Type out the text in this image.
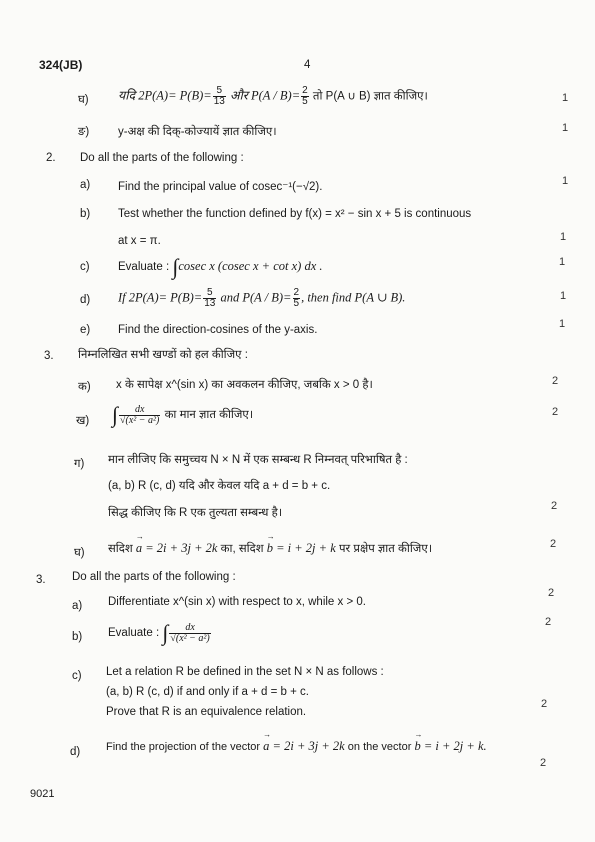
324(JB)	4
घ) यदि $2P(A)= P(B)= \frac{5}{13}$ और $P(A / B)= \frac{2}{5}$ तो P(A ∪ B) ज्ञात कीजिए।	1
ङ)	y-अक्ष की दिक्-कोज्यायें ज्ञात कीजिए।	1
2. Do all the parts of the following :
a) Find the principal value of cosec⁻¹(−√2).	1
b) Test whether the function defined by f(x) = x² − sin x + 5 is continuous
at x = π.	1
c) Evaluate : ∫cosec x (cosec x + cot x) dx .	1
d) If $2P(A)= P(B)= \frac{5}{13}$ and $P(A / B)= \frac{2}{5}$ , then find P(A ∪ B).	1
e) Find the direction-cosines of the y-axis.	1
3. निम्नलिखित सभी खण्डों को हल कीजिए :
क) x के सापेक्ष x^(sin x) का अवकलन कीजिए, जबकि x > 0 है।	2
ख) ∫ $\frac{dx}{\text{√(x² − a²)}}$ का मान ज्ञात कीजिए।	2
ग) मान लीजिए कि समुच्चय N × N में एक सम्बन्ध R निम्नवत् परिभाषित है :
(a, b) R (c, d) यदि और केवल यदि a + d = b + c.
सिद्ध कीजिए कि R एक तुल्यता सम्बन्ध है।
2
घ) सदिश → a = 2i + 3j + 2k का, सदिश → b = i + 2j + k पर प्रक्षेप ज्ञात कीजिए।	2
3. Do all the parts of the following :
a) Differentiate x^(sin x) with respect to x, while x > 0.
2
b) Evaluate : ∫ $\frac{dx}{\text{√(x² − a²)}}$
2
c) Let a relation R be defined in the set N × N as follows :
(a, b) R (c, d) if and only if a + d = b + c.
Prove that R is an equivalence relation.
2
d) Find the projection of the vector → a = 2i + 3j + 2k on the vector → b = i + 2j + k.
2
9021
